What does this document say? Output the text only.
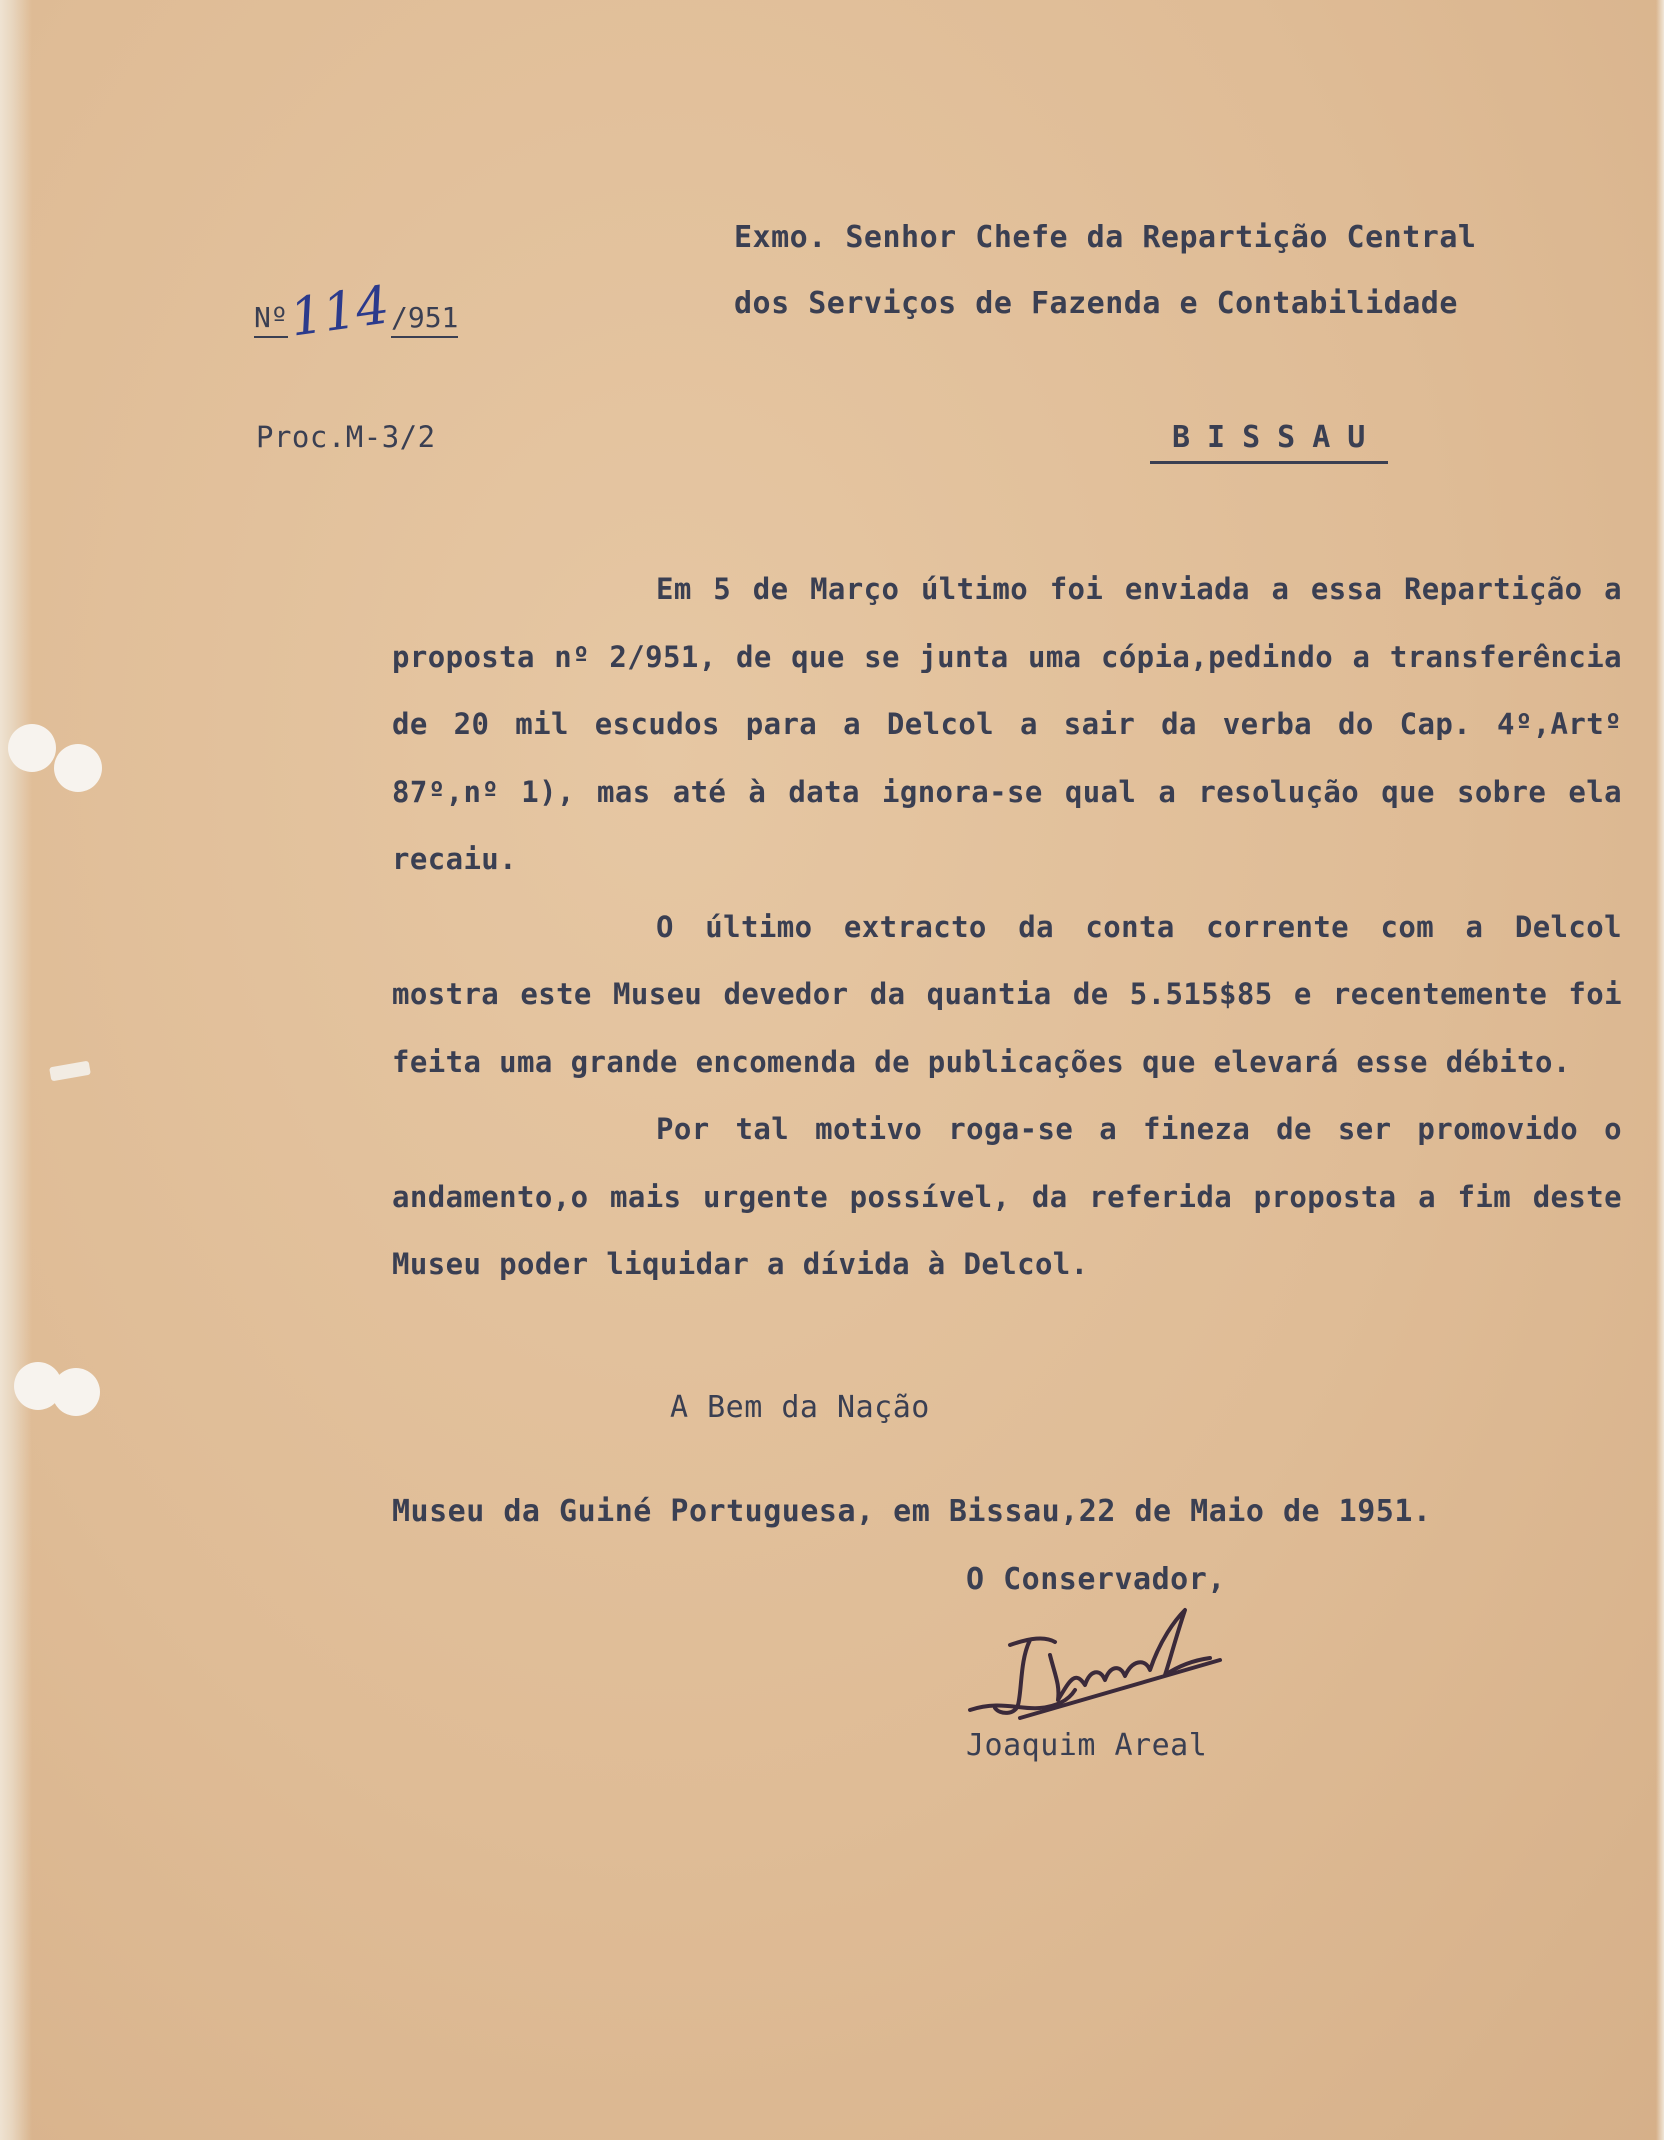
Exmo. Senhor Chefe da Repartição Central

dos Serviços de Fazenda e Contabilidade

Nº114/951

Proc.M-3/2	BISSAU

Em 5 de Março último foi enviada a essa Repartição a proposta nº 2/951, de que se junta uma cópia,pedindo a transferência de 20 mil escudos para a Delcol a sair da verba do Cap. 4º,Artº 87º,nº 1), mas até à data ignora-se qual a resolução que sobre ela recaiu.

O último extracto da conta corrente com a Delcol mostra este Museu devedor da quantia de 5.515$85 e recentemente foi feita uma grande encomenda de publicações que elevará esse débito.

Por tal motivo roga-se a fineza de ser promovido o andamento,o mais urgente possível, da referida proposta a fim deste Museu poder liquidar a dívida à Delcol.

A Bem da Nação

Museu da Guiné Portuguesa, em Bissau,22 de Maio de 1951.

O Conservador,

Joaquim Areal
